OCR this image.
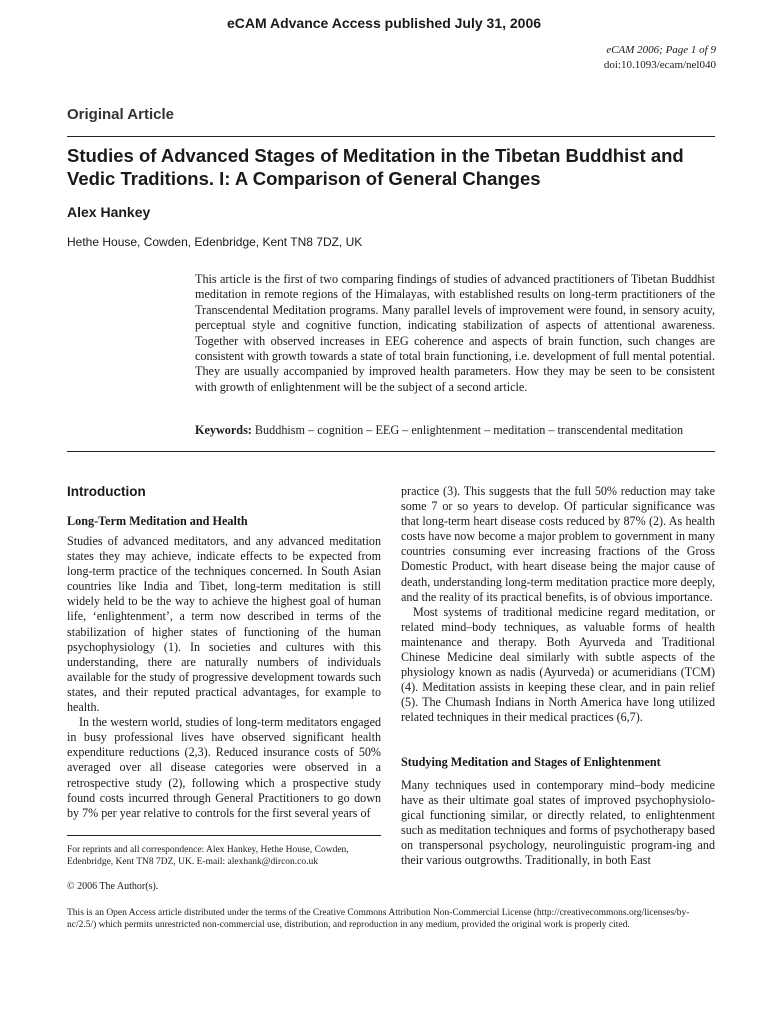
eCAM Advance Access published July 31, 2006
eCAM 2006; Page 1 of 9
doi:10.1093/ecam/nel040
Original Article
Studies of Advanced Stages of Meditation in the Tibetan Buddhist and Vedic Traditions. I: A Comparison of General Changes
Alex Hankey
Hethe House, Cowden, Edenbridge, Kent TN8 7DZ, UK
This article is the first of two comparing findings of studies of advanced practitioners of Tibetan Buddhist meditation in remote regions of the Himalayas, with established results on long-term practitioners of the Transcendental Meditation programs. Many parallel levels of improvement were found, in sensory acuity, perceptual style and cognitive function, indicating stabilization of aspects of attentional awareness. Together with observed increases in EEG coherence and aspects of brain function, such changes are consistent with growth towards a state of total brain functioning, i.e. development of full mental potential. They are usually accompanied by improved health parameters. How they may be seen to be consistent with growth of enlightenment will be the subject of a second article.
Keywords: Buddhism – cognition – EEG – enlightenment – meditation – transcendental meditation
Introduction
Long-Term Meditation and Health

Studies of advanced meditators, and any advanced meditation states they may achieve, indicate effects to be expected from long-term practice of the techniques concerned. In South Asian countries like India and Tibet, long-term meditation is still widely held to be the way to achieve the highest goal of human life, ‘enlightenment’, a term now described in terms of the stabilization of higher states of functioning of the human psychophysiology (1). In societies and cultures with this understanding, there are naturally numbers of individuals available for the study of progressive development towards such states, and their reputed practical advantages, for example to health.

In the western world, studies of long-term meditators engaged in busy professional lives have observed significant health expenditure reductions (2,3). Reduced insurance costs of 50% averaged over all disease categories were observed in a retrospective study (2), following which a prospective study found costs incurred through General Practitioners to go down by 7% per year relative to controls for the first several years of

practice (3). This suggests that the full 50% reduction may take some 7 or so years to develop. Of particular significance was that long-term heart disease costs reduced by 87% (2). As health costs have now become a major problem to government in many countries consuming ever increasing fractions of the Gross Domestic Product, with heart disease being the major cause of death, understanding long-term meditation practice more deeply, and the reality of its practical benefits, is of obvious importance.

Most systems of traditional medicine regard meditation, or related mind–body techniques, as valuable forms of health maintenance and therapy. Both Ayurveda and Traditional Chinese Medicine deal similarly with subtle aspects of the physiology known as nadis (Ayurveda) or acumeridians (TCM) (4). Meditation assists in keeping these clear, and in pain relief (5). The Chumash Indians in North America have long utilized related techniques in their medical practices (6,7).

Studying Meditation and Stages of Enlightenment

Many techniques used in contemporary mind–body medicine have as their ultimate goal states of improved psychophysiolo-gical functioning similar, or directly related, to enlightenment such as meditation techniques and forms of psychotherapy based on transpersonal psychology, neurolinguistic program-ing and their various outgrowths. Traditionally, in both East

For reprints and all correspondence: Alex Hankey, Hethe House, Cowden, Edenbridge, Kent TN8 7DZ, UK. E-mail: alexhank@dircon.co.uk
© 2006 The Author(s).
This is an Open Access article distributed under the terms of the Creative Commons Attribution Non-Commercial License (http://creativecommons.org/licenses/by-nc/2.5/) which permits unrestricted non-commercial use, distribution, and reproduction in any medium, provided the original work is properly cited.
